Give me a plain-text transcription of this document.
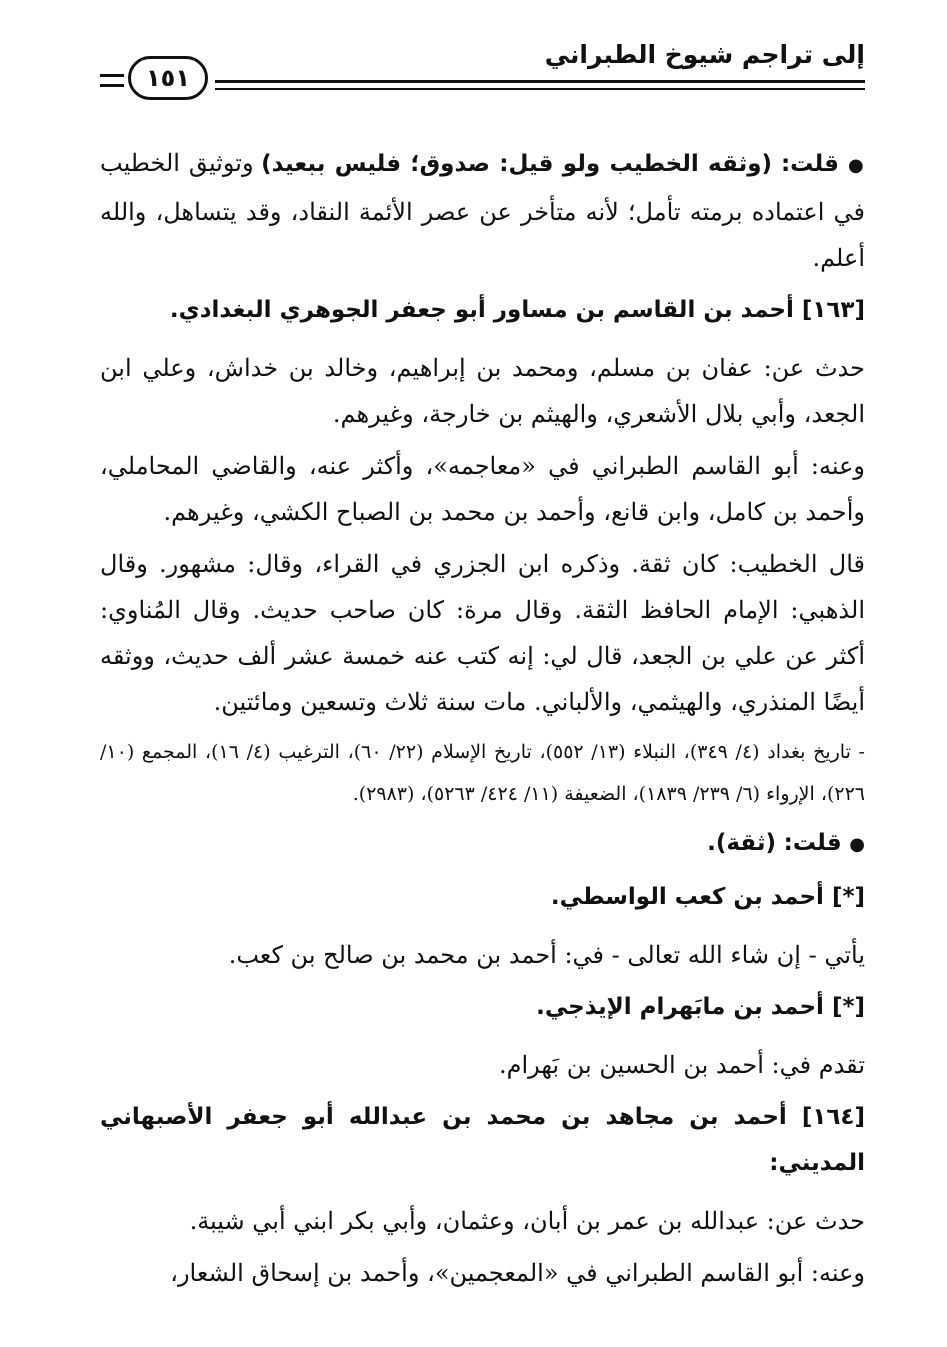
إلى تراجم شيوخ الطبراني
١٥١

● قلت: (وثقه الخطيب ولو قيل: صدوق؛ فليس ببعيد) وتوثيق الخطيب في اعتماده برمته تأمل؛ لأنه متأخر عن عصر الأئمة النقاد، وقد يتساهل، والله أعلم.

[١٦٣] أحمد بن القاسم بن مساور أبو جعفر الجوهري البغدادي.

حدث عن: عفان بن مسلم، ومحمد بن إبراهيم، وخالد بن خداش، وعلي ابن الجعد، وأبي بلال الأشعري، والهيثم بن خارجة، وغيرهم.

وعنه: أبو القاسم الطبراني في «معاجمه»، وأكثر عنه، والقاضي المحاملي، وأحمد بن كامل، وابن قانع، وأحمد بن محمد بن الصباح الكشي، وغيرهم.

قال الخطيب: كان ثقة. وذكره ابن الجزري في القراء، وقال: مشهور. وقال الذهبي: الإمام الحافظ الثقة. وقال مرة: كان صاحب حديث. وقال المُناوي: أكثر عن علي بن الجعد، قال لي: إنه كتب عنه خمسة عشر ألف حديث، ووثقه أيضًا المنذري، والهيثمي، والألباني. مات سنة ثلاث وتسعين ومائتين.

- تاريخ بغداد (٤/ ٣٤٩)، النبلاء (١٣/ ٥٥٢)، تاريخ الإسلام (٢٢/ ٦٠)، الترغيب (٤/ ١٦)، المجمع (١٠/ ٢٢٦)، الإرواء (٦/ ٢٣٩/ ١٨٣٩)، الضعيفة (١١/ ٤٢٤/ ٥٢٦٣)، (٢٩٨٣).

● قلت: (ثقة).

[*] أحمد بن كعب الواسطي.

يأتي - إن شاء الله تعالى - في: أحمد بن محمد بن صالح بن كعب.

[*] أحمد بن مابَهرام الإيذجي.

تقدم في: أحمد بن الحسين بن بَهرام.

[١٦٤] أحمد بن مجاهد بن محمد بن عبدالله أبو جعفر الأصبهاني المديني:

حدث عن: عبدالله بن عمر بن أبان، وعثمان، وأبي بكر ابني أبي شيبة.

وعنه: أبو القاسم الطبراني في «المعجمين»، وأحمد بن إسحاق الشعار،
